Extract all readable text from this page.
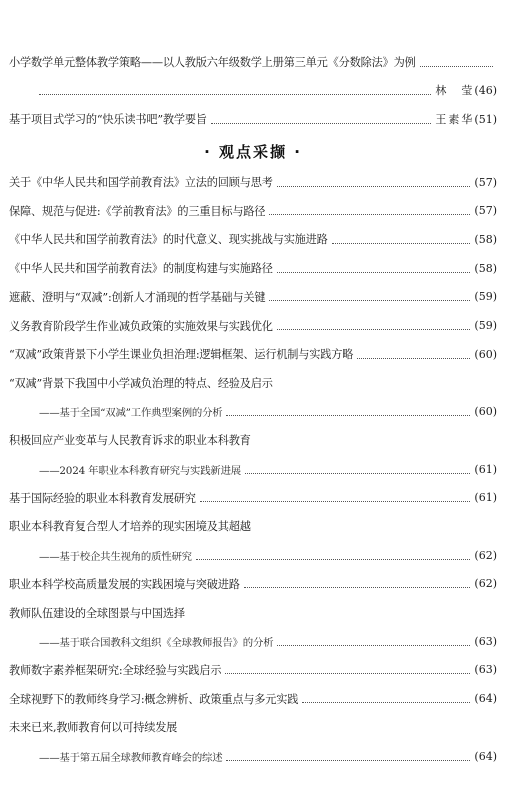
小学数学单元整体教学策略——以人教版六年级数学上册第三单元《分数除法》为例
林　莹 (46)
基于项目式学习的“快乐读书吧”教学要旨	王素华 (51)
· 观点采撷 ·
关于《中华人民共和国学前教育法》立法的回顾与思考	(57)
保障、规范与促进:《学前教育法》的三重目标与路径	(57)
《中华人民共和国学前教育法》的时代意义、现实挑战与实施进路	(58)
《中华人民共和国学前教育法》的制度构建与实施路径	(58)
遮蔽、澄明与“双减”:创新人才涌现的哲学基础与关键	(59)
义务教育阶段学生作业减负政策的实施效果与实践优化	(59)
“双减”政策背景下小学生课业负担治理:逻辑框架、运行机制与实践方略	(60)
“双减”背景下我国中小学减负治理的特点、经验及启示
——基于全国“双减”工作典型案例的分析	(60)
积极回应产业变革与人民教育诉求的职业本科教育
——2024 年职业本科教育研究与实践新进展	(61)
基于国际经验的职业本科教育发展研究	(61)
职业本科教育复合型人才培养的现实困境及其超越
——基于校企共生视角的质性研究	(62)
职业本科学校高质量发展的实践困境与突破进路	(62)
教师队伍建设的全球图景与中国选择
——基于联合国教科文组织《全球教师报告》的分析	(63)
教师数字素养框架研究:全球经验与实践启示	(63)
全球视野下的教师终身学习:概念辨析、政策重点与多元实践	(64)
未来已来,教师教育何以可持续发展
——基于第五届全球教师教育峰会的综述	(64)
